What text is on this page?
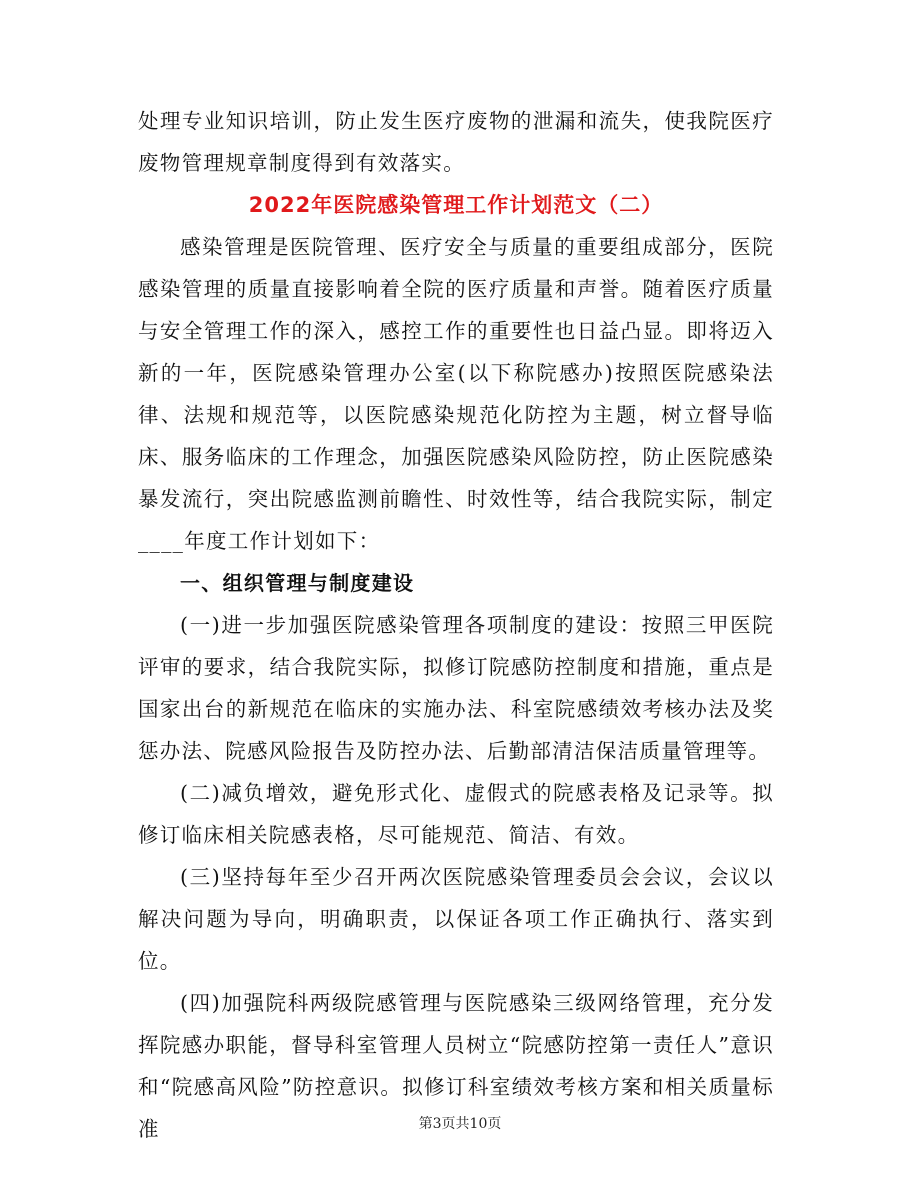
处理专业知识培训，防止发生医疗废物的泄漏和流失，使我院医疗废物管理规章制度得到有效落实。

2022年医院感染管理工作计划范文（二）

感染管理是医院管理、医疗安全与质量的重要组成部分，医院感染管理的质量直接影响着全院的医疗质量和声誉。随着医疗质量与安全管理工作的深入，感控工作的重要性也日益凸显。即将迈入新的一年，医院感染管理办公室(以下称院感办)按照医院感染法律、法规和规范等，以医院感染规范化防控为主题，树立督导临床、服务临床的工作理念，加强医院感染风险防控，防止医院感染暴发流行，突出院感监测前瞻性、时效性等，结合我院实际，制定____年度工作计划如下：

一、组织管理与制度建设

(一)进一步加强医院感染管理各项制度的建设：按照三甲医院评审的要求，结合我院实际，拟修订院感防控制度和措施，重点是国家出台的新规范在临床的实施办法、科室院感绩效考核办法及奖惩办法、院感风险报告及防控办法、后勤部清洁保洁质量管理等。

(二)减负增效，避免形式化、虚假式的院感表格及记录等。拟修订临床相关院感表格，尽可能规范、简洁、有效。

(三)坚持每年至少召开两次医院感染管理委员会会议，会议以解决问题为导向，明确职责，以保证各项工作正确执行、落实到位。

(四)加强院科两级院感管理与医院感染三级网络管理，充分发挥院感办职能，督导科室管理人员树立“院感防控第一责任人”意识和“院感高风险”防控意识。拟修订科室绩效考核方案和相关质量标准	第3页共10页
